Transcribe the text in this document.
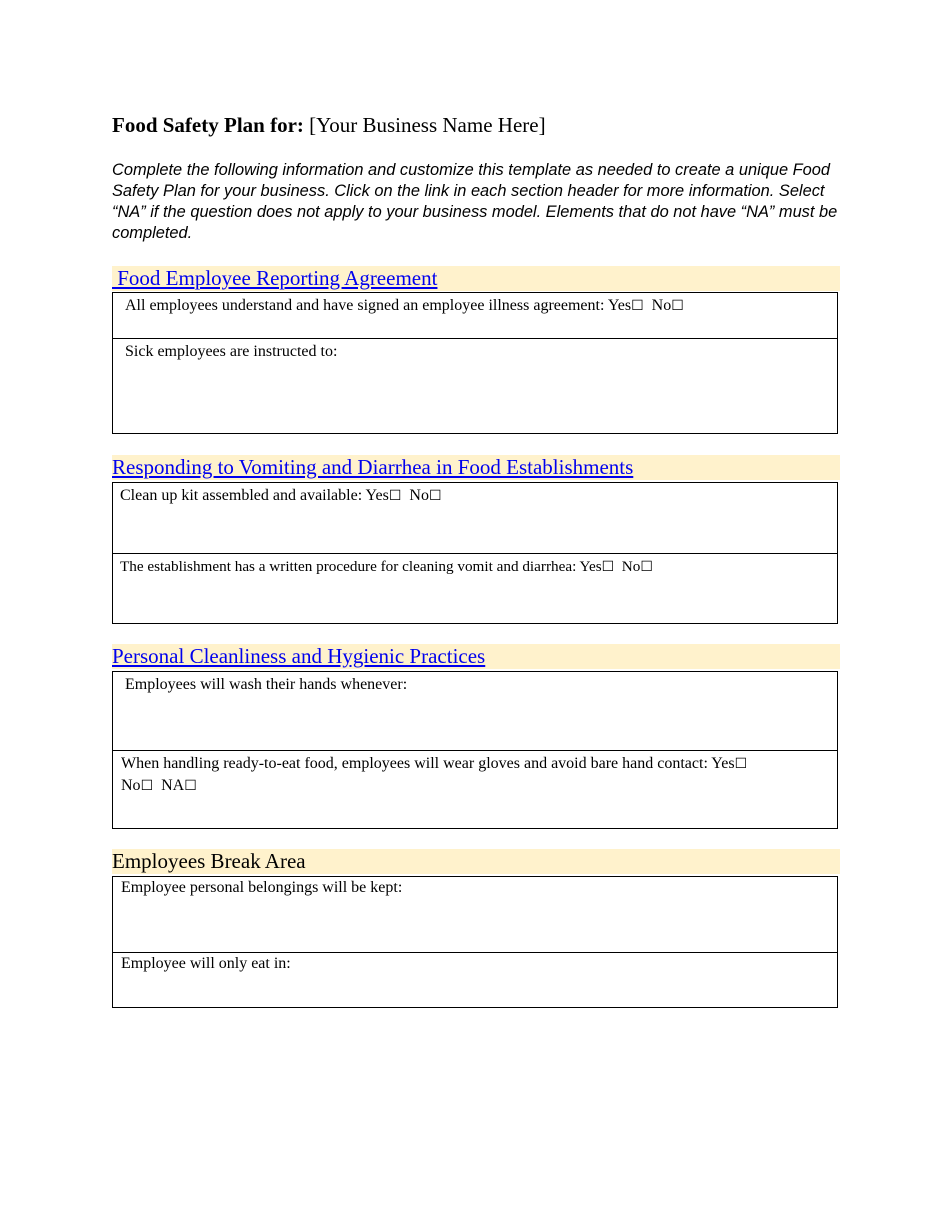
Food Safety Plan for: [Your Business Name Here]
Complete the following information and customize this template as needed to create a unique Food Safety Plan for your business. Click on the link in each section header for more information. Select “NA” if the question does not apply to your business model. Elements that do not have “NA” must be completed.
Food Employee Reporting Agreement
All employees understand and have signed an employee illness agreement: Yes☐  No☐
Sick employees are instructed to:
Responding to Vomiting and Diarrhea in Food Establishments
Clean up kit assembled and available: Yes☐  No☐
The establishment has a written procedure for cleaning vomit and diarrhea: Yes☐  No☐
Personal Cleanliness and Hygienic Practices
Employees will wash their hands whenever:
When handling ready-to-eat food, employees will wear gloves and avoid bare hand contact: Yes☐
No☐  NA☐
Employees Break Area
Employee personal belongings will be kept:
Employee will only eat in:
